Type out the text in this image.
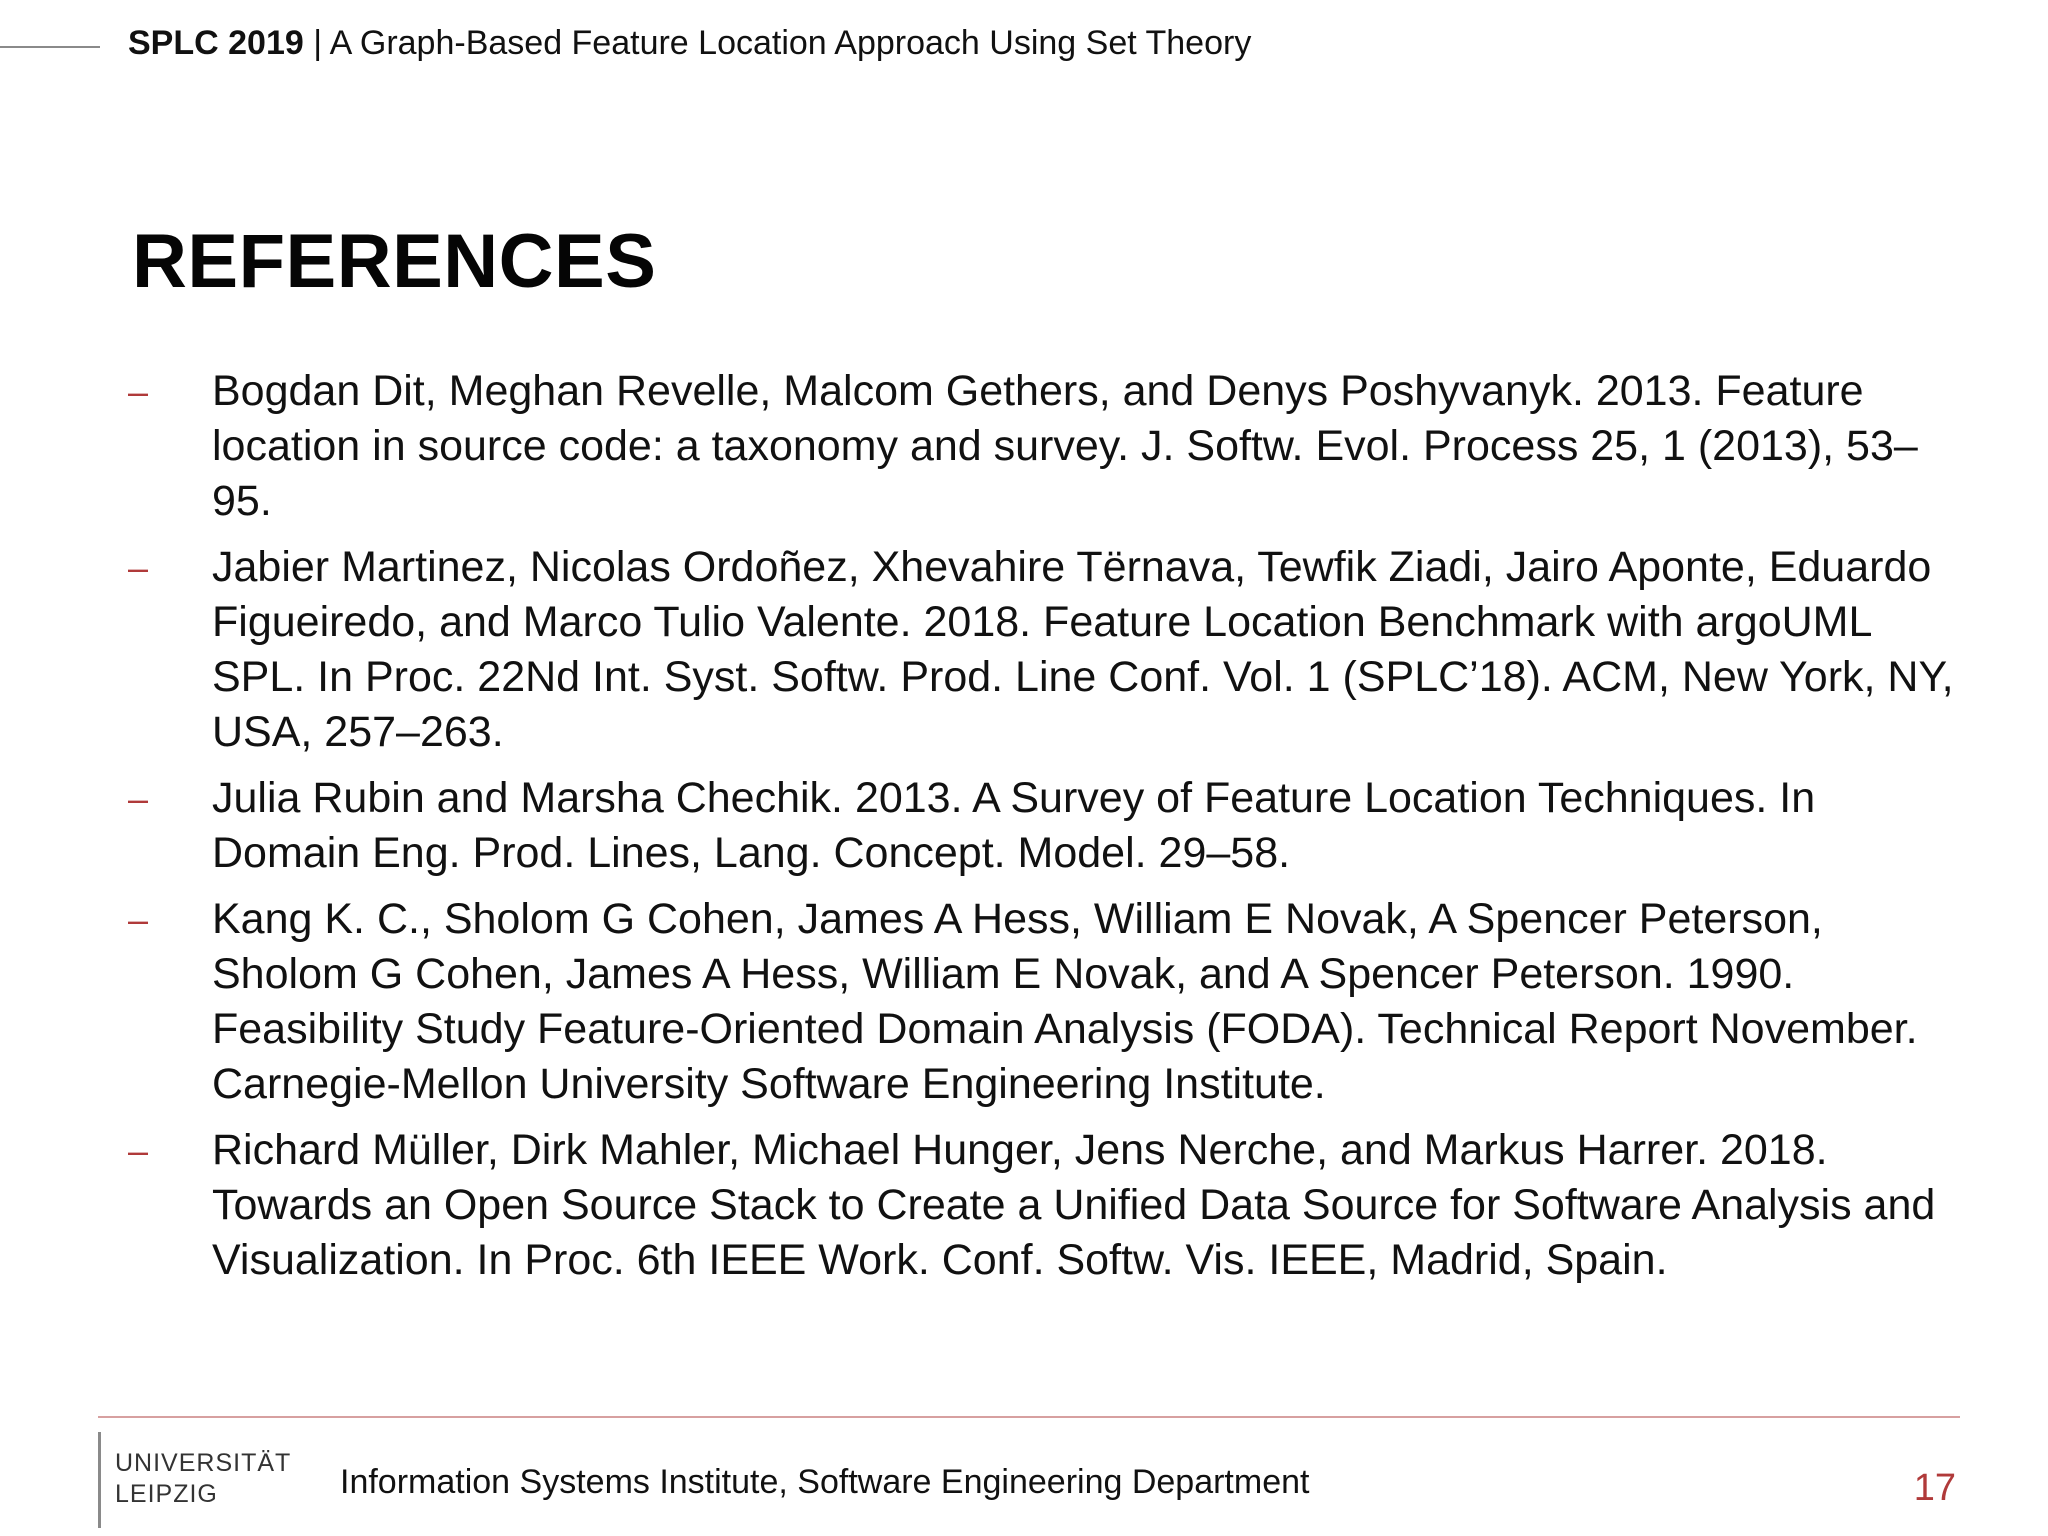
SPLC 2019 | A Graph-Based Feature Location Approach Using Set Theory
REFERENCES
– Bogdan Dit, Meghan Revelle, Malcom Gethers, and Denys Poshyvanyk. 2013. Feature location in source code: a taxonomy and survey. J. Softw. Evol. Process 25, 1 (2013), 53–95.
– Jabier Martinez, Nicolas Ordoñez, Xhevahire Tërnava, Tewfik Ziadi, Jairo Aponte, Eduardo Figueiredo, and Marco Tulio Valente. 2018. Feature Location Benchmark with argoUML SPL. In Proc. 22Nd Int. Syst. Softw. Prod. Line Conf. Vol. 1 (SPLC’18). ACM, New York, NY, USA, 257–263.
– Julia Rubin and Marsha Chechik. 2013. A Survey of Feature Location Techniques. In Domain Eng. Prod. Lines, Lang. Concept. Model. 29–58.
– Kang K. C., Sholom G Cohen, James A Hess, William E Novak, A Spencer Peterson, Sholom G Cohen, James A Hess, William E Novak, and A Spencer Peterson. 1990. Feasibility Study Feature-Oriented Domain Analysis (FODA). Technical Report November. Carnegie-Mellon University Software Engineering Institute.
– Richard Müller, Dirk Mahler, Michael Hunger, Jens Nerche, and Markus Harrer. 2018. Towards an Open Source Stack to Create a Unified Data Source for Software Analysis and Visualization. In Proc. 6th IEEE Work. Conf. Softw. Vis. IEEE, Madrid, Spain.
UNIVERSITÄT
LEIPZIG	Information Systems Institute, Software Engineering Department	17
